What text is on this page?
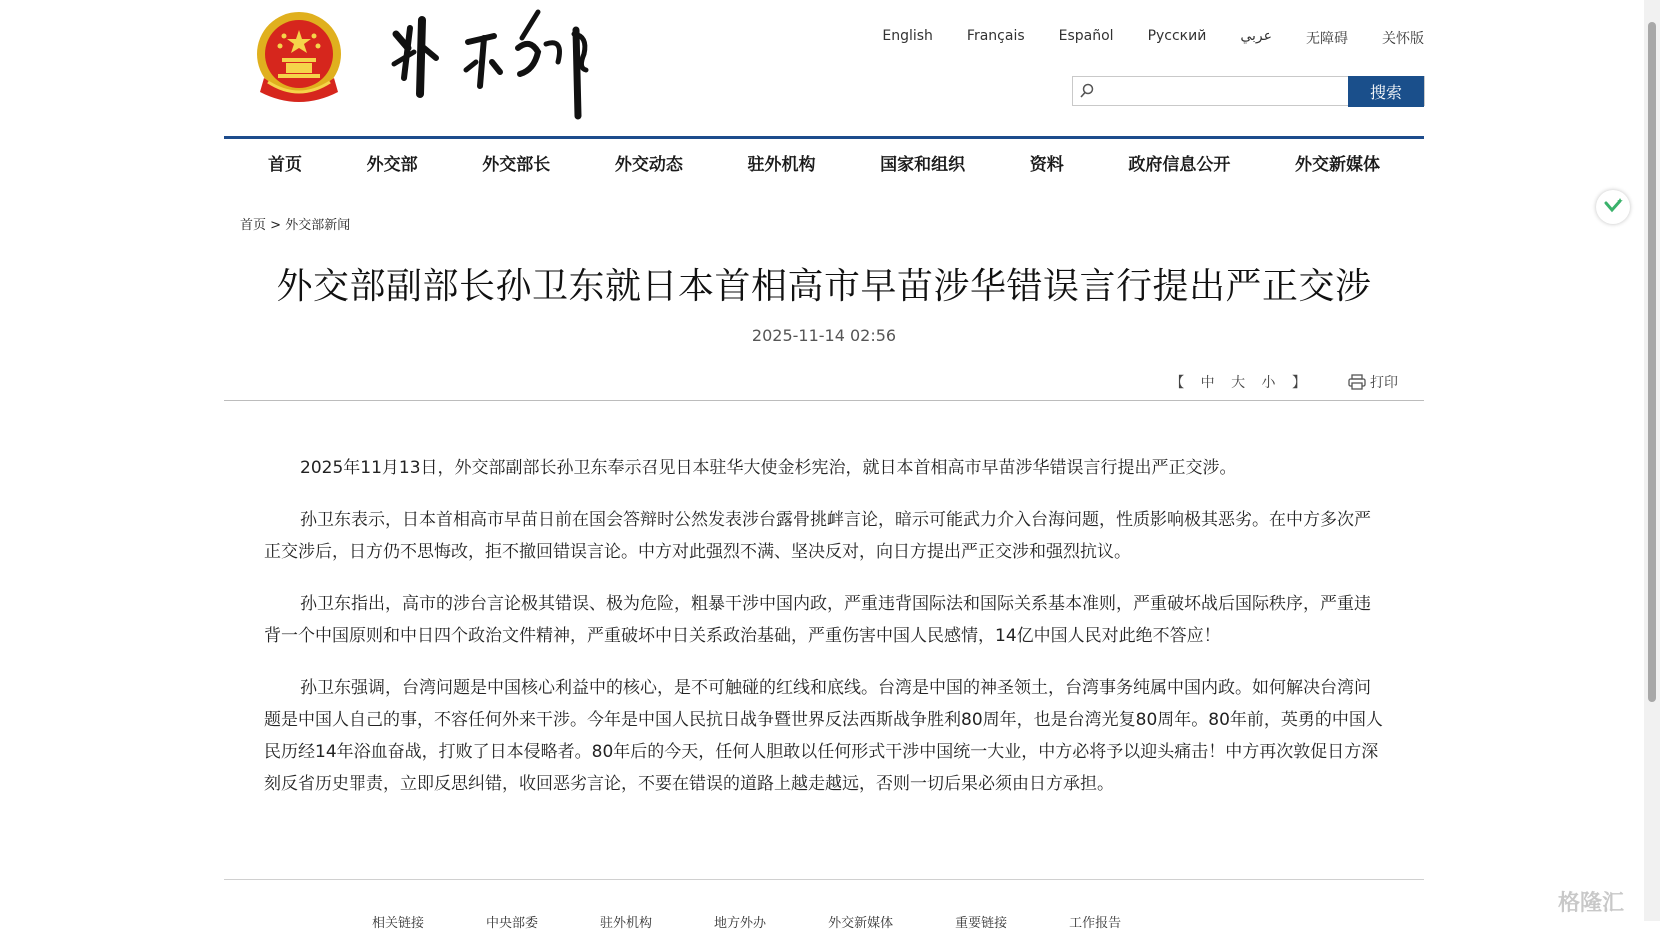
English Français Español Русский عربي 无障碍 关怀版
搜索
首页	外交部	外交部长	外交动态	驻外机构	国家和组织	资料	政府信息公开	外交新媒体
首页 > 外交部新闻
外交部副部长孙卫东就日本首相高市早苗涉华错误言行提出严正交涉
2025-11-14 02:56
【 中 大 小 】	打印

2025年11月13日，外交部副部长孙卫东奉示召见日本驻华大使金杉宪治，就日本首相高市早苗涉华错误言行提出严正交涉。

孙卫东表示，日本首相高市早苗日前在国会答辩时公然发表涉台露骨挑衅言论，暗示可能武力介入台海问题，性质影响极其恶劣。在中方多次严正交涉后，日方仍不思悔改，拒不撤回错误言论。中方对此强烈不满、坚决反对，向日方提出严正交涉和强烈抗议。

孙卫东指出，高市的涉台言论极其错误、极为危险，粗暴干涉中国内政，严重违背国际法和国际关系基本准则，严重破坏战后国际秩序，严重违背一个中国原则和中日四个政治文件精神，严重破坏中日关系政治基础，严重伤害中国人民感情，14亿中国人民对此绝不答应！

孙卫东强调，台湾问题是中国核心利益中的核心，是不可触碰的红线和底线。台湾是中国的神圣领土，台湾事务纯属中国内政。如何解决台湾问题是中国人自己的事，不容任何外来干涉。今年是中国人民抗日战争暨世界反法西斯战争胜利80周年，也是台湾光复80周年。80年前，英勇的中国人民历经14年浴血奋战，打败了日本侵略者。80年后的今天，任何人胆敢以任何形式干涉中国统一大业，中方必将予以迎头痛击！中方再次敦促日方深刻反省历史罪责，立即反思纠错，收回恶劣言论，不要在错误的道路上越走越远，否则一切后果必须由日方承担。

相关链接	中央部委	驻外机构	地方外办	外交新媒体	重要链接	工作报告
格隆汇
